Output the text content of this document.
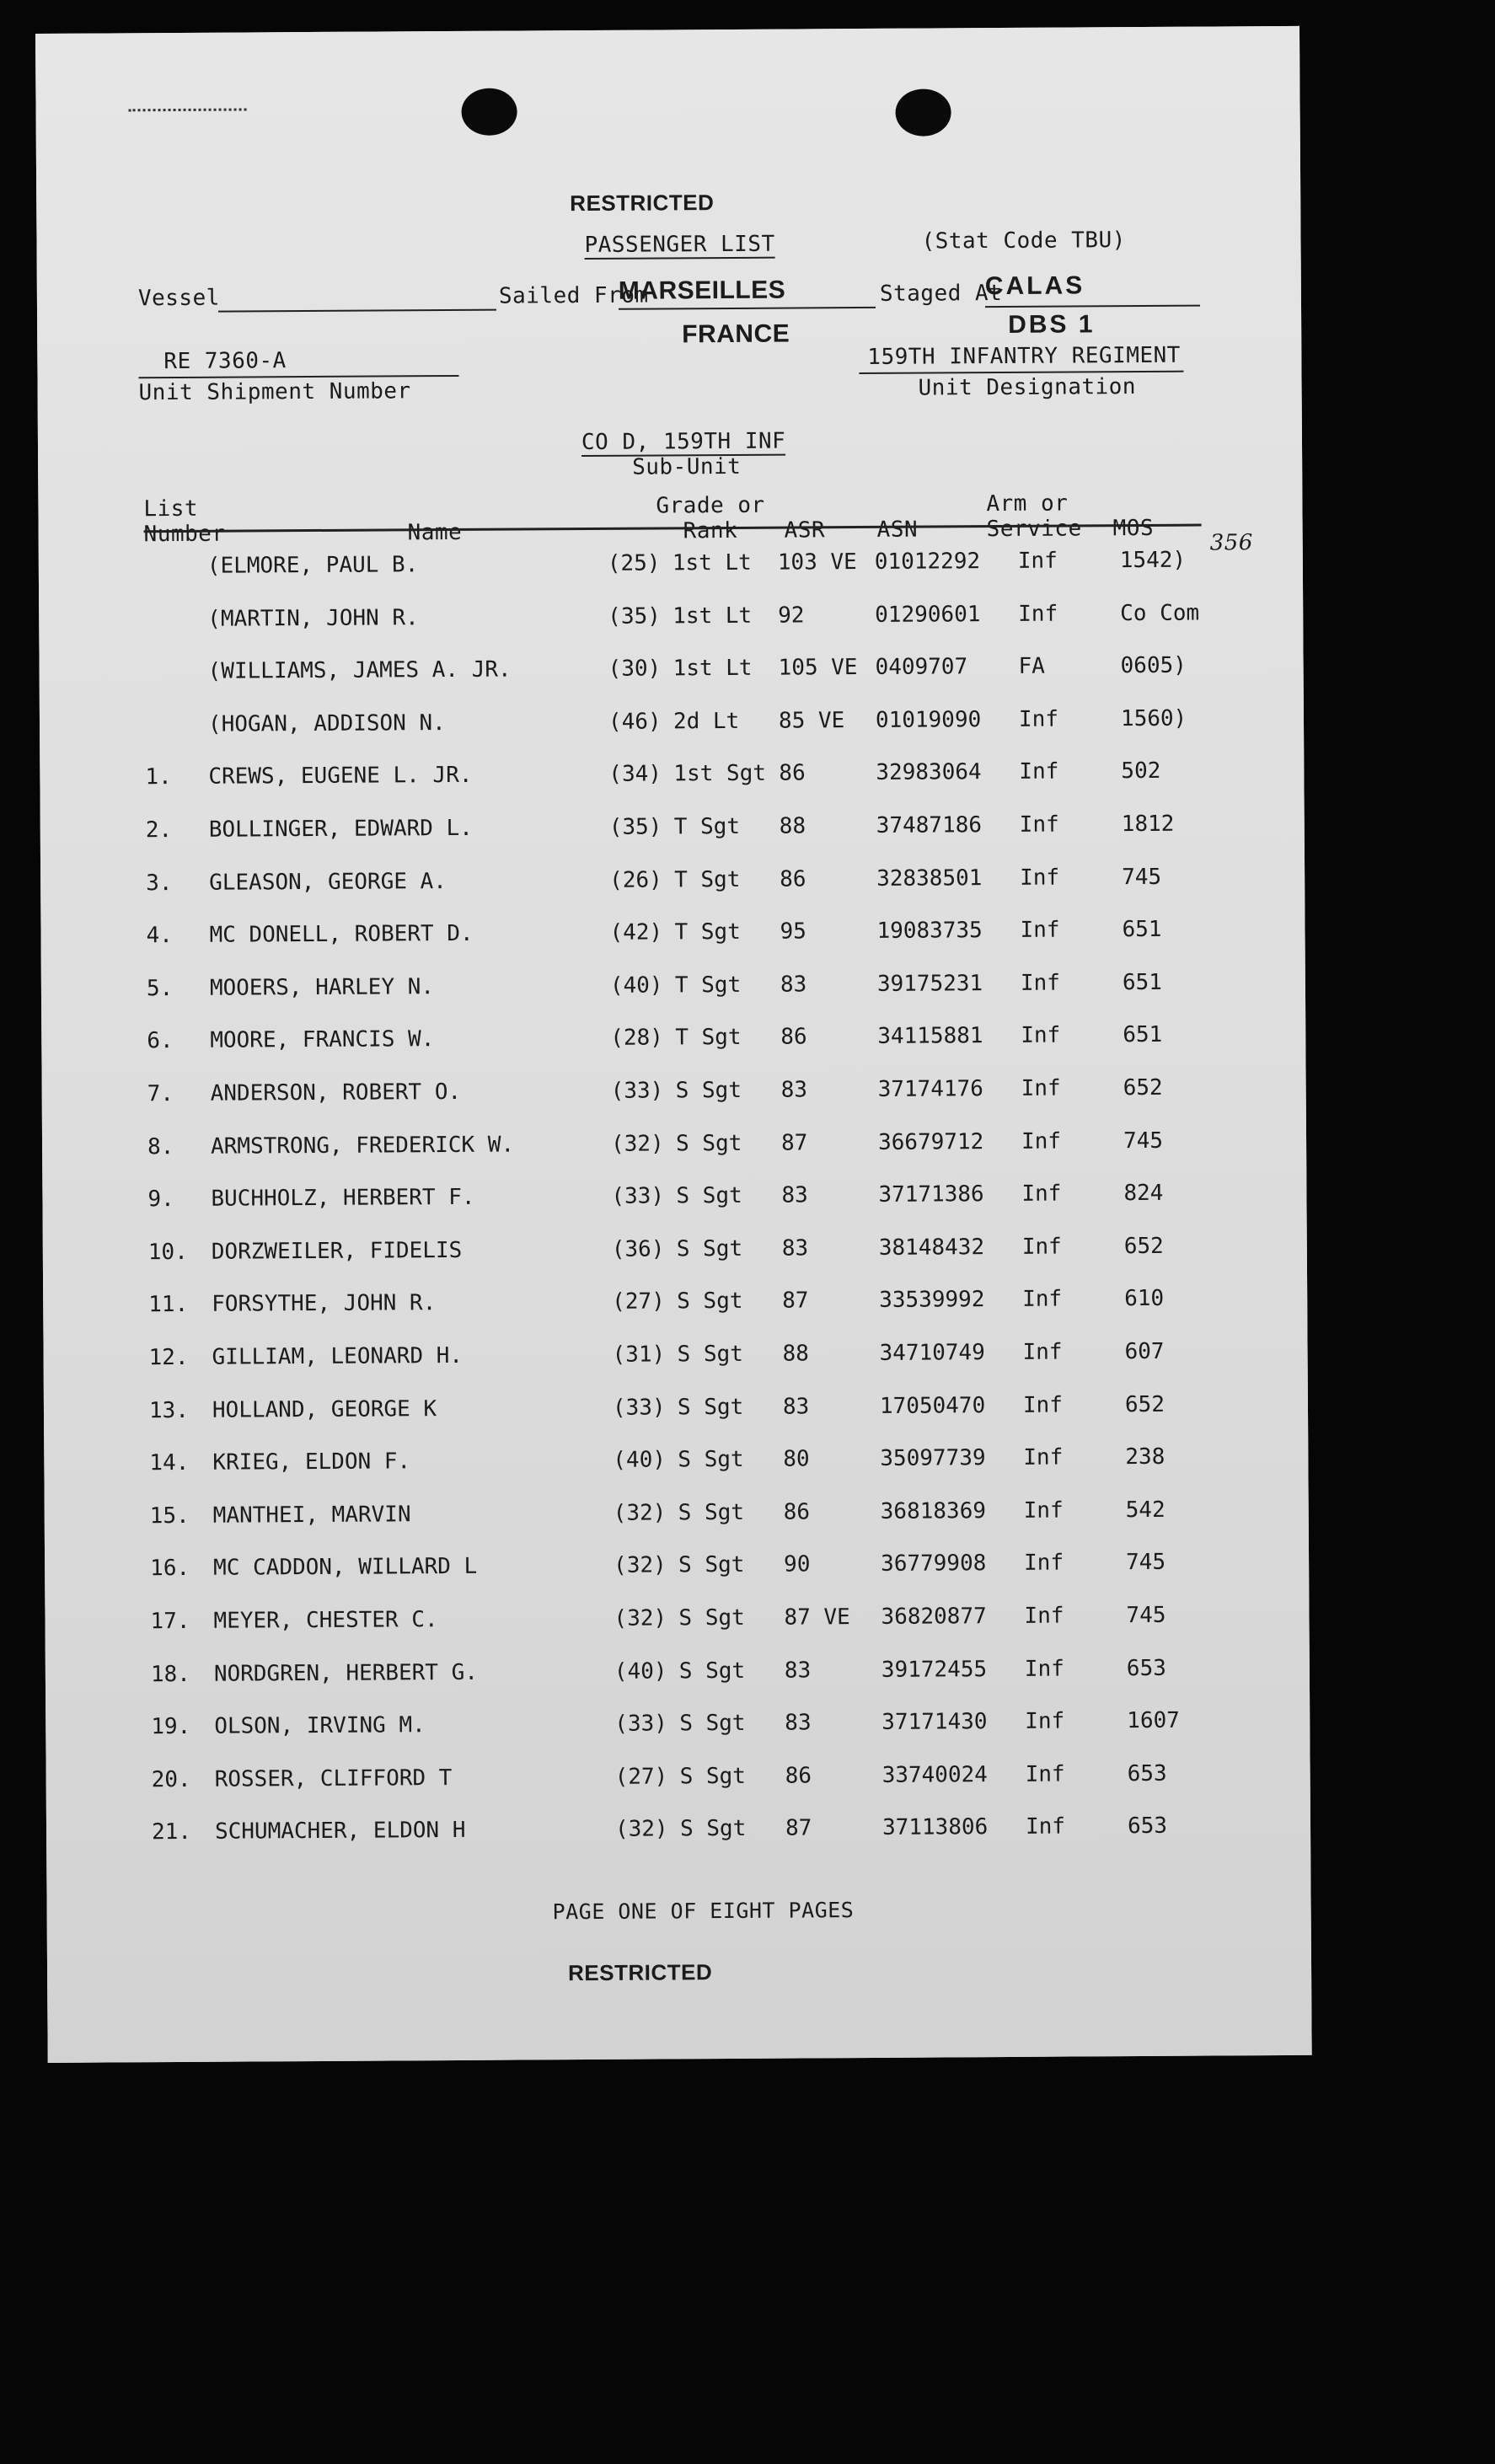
RESTRICTED
PASSENGER LIST	(Stat Code TBU)
Vessel	Sailed From
MARSEILLES
FRANCE
Staged At
CALAS
DBS 1
RE 7360-A
Unit Shipment Number
159TH INFANTRY REGIMENT
Unit Designation
CO D, 159TH INF
Sub-Unit
List
Number	Name
Grade or
Rank ASR ASN
Arm or
Service MOS
356
(ELMORE, PAUL B.	(25) 1st Lt 103 VE 01012292 Inf	1542)
(MARTIN, JOHN R.	(35) 1st Lt 92	01290601 Inf	Co Com
(WILLIAMS, JAMES A. JR.	(30) 1st Lt 105 VE 0409707 FA	0605)
(HOGAN, ADDISON N.	(46) 2d Lt 85 VE 01019090 Inf	1560)
1. CREWS, EUGENE L. JR.	(34) 1st Sgt 86	32983064 Inf	502
2. BOLLINGER, EDWARD L.	(35) T Sgt 88	37487186 Inf	1812
3. GLEASON, GEORGE A.	(26) T Sgt 86	32838501 Inf	745
4. MC DONELL, ROBERT D.	(42) T Sgt 95	19083735 Inf	651
5. MOOERS, HARLEY N.	(40) T Sgt 83	39175231 Inf	651
6. MOORE, FRANCIS W.	(28) T Sgt 86	34115881 Inf	651
7. ANDERSON, ROBERT O.	(33) S Sgt 83	37174176 Inf	652
8. ARMSTRONG, FREDERICK W.	(32) S Sgt 87	36679712 Inf	745
9. BUCHHOLZ, HERBERT F.	(33) S Sgt 83	37171386 Inf	824
10. DORZWEILER, FIDELIS	(36) S Sgt 83	38148432 Inf	652
11. FORSYTHE, JOHN R.	(27) S Sgt 87	33539992 Inf	610
12. GILLIAM, LEONARD H.	(31) S Sgt 88	34710749 Inf	607
13. HOLLAND, GEORGE K	(33) S Sgt 83	17050470 Inf	652
14. KRIEG, ELDON F.	(40) S Sgt 80	35097739 Inf	238
15. MANTHEI, MARVIN	(32) S Sgt 86	36818369 Inf	542
16. MC CADDON, WILLARD L	(32) S Sgt 90	36779908 Inf	745
17. MEYER, CHESTER C.	(32) S Sgt 87 VE 36820877 Inf	745
18. NORDGREN, HERBERT G.	(40) S Sgt 83	39172455 Inf	653
19. OLSON, IRVING M.	(33) S Sgt 83	37171430 Inf	1607
20. ROSSER, CLIFFORD T	(27) S Sgt 86	33740024 Inf	653
21. SCHUMACHER, ELDON H	(32) S Sgt 87	37113806 Inf	653
PAGE ONE OF EIGHT PAGES
RESTRICTED
